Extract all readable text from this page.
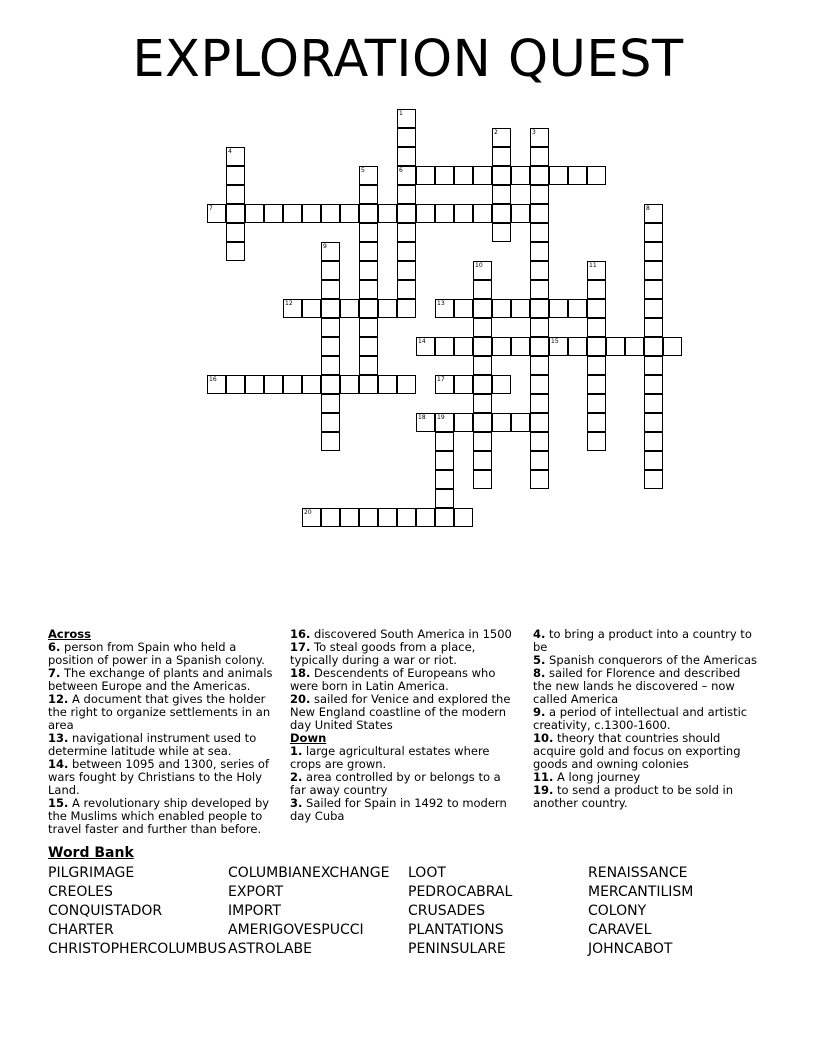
EXPLORATION QUEST
1
6
2	3
4
5
7	8
9
10	11
12	13
14	15
16	17
18 19
20
Across
6. person from Spain who held a position of power in a Spanish colony.
7. The exchange of plants and animals between Europe and the Americas.
12. A document that gives the holder the right to organize settlements in an area
13. navigational instrument used to determine latitude while at sea.
14. between 1095 and 1300, series of wars fought by Christians to the Holy Land.
15. A revolutionary ship developed by the Muslims which enabled people to travel faster and further than before.
16. discovered South America in 1500
17. To steal goods from a place, typically during a war or riot.
18. Descendents of Europeans who were born in Latin America.
20. sailed for Venice and explored the New England coastline of the modern day United States
Down
1. large agricultural estates where crops are grown.
2. area controlled by or belongs to a far away country
3. Sailed for Spain in 1492 to modern day Cuba
4. to bring a product into a country to be
5. Spanish conquerors of the Americas
8. sailed for Florence and described the new lands he discovered – now called America
9. a period of intellectual and artistic creativity, c.1300-1600.
10. theory that countries should acquire gold and focus on exporting goods and owning colonies
11. A long journey
19. to send a product to be sold in another country.
Word Bank
PILGRIMAGE
CREOLES
CONQUISTADOR
CHARTER
CHRISTOPHERCOLUMBUS
COLUMBIANEXCHANGE
EXPORT
IMPORT
AMERIGOVESPUCCI
ASTROLABE
LOOT
PEDROCABRAL
CRUSADES
PLANTATIONS
PENINSULARE
RENAISSANCE
MERCANTILISM
COLONY
CARAVEL
JOHNCABOT
